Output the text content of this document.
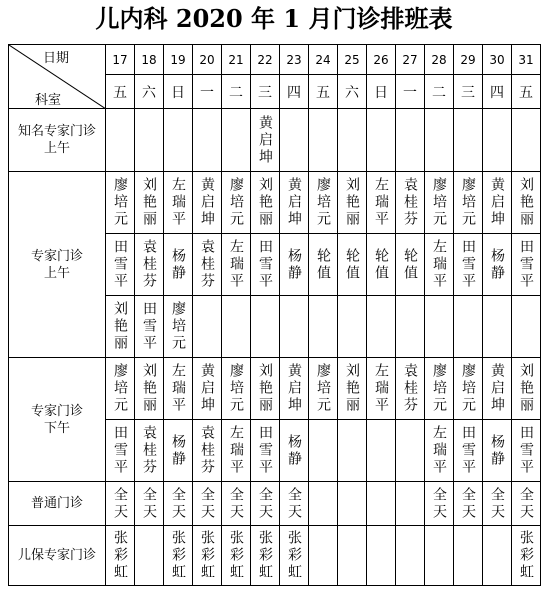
儿内科 2020 年 1 月门诊排班表
日期
科室	17	18	19	20	21	22	23	24	25	26	27	28	29	30	31
	五	六	日	一	二	三	四	五	六	日	一	二	三	四	五
知名专家门诊
上午						黄启坤									
专家门诊
上午	廖培元	刘艳丽	左瑞平	黄启坤	廖培元	刘艳丽	黄启坤	廖培元	刘艳丽	左瑞平	袁桂芬	廖培元	廖培元	黄启坤	刘艳丽
	田雪平	袁桂芬	杨静	袁桂芬	左瑞平	田雪平	杨静	轮值	轮值	轮值	轮值	左瑞平	田雪平	杨静	田雪平
	刘艳丽	田雪平	廖培元												
专家门诊
下午	廖培元	刘艳丽	左瑞平	黄启坤	廖培元	刘艳丽	黄启坤	廖培元	刘艳丽	左瑞平	袁桂芬	廖培元	廖培元	黄启坤	刘艳丽
	田雪平	袁桂芬	杨静	袁桂芬	左瑞平	田雪平	杨静					左瑞平	田雪平	杨静	田雪平
普通门诊	全天	全天	全天	全天	全天	全天	全天					全天	全天	全天	全天
儿保专家门诊	张彩虹		张彩虹	张彩虹	张彩虹	张彩虹	张彩虹								张彩虹
